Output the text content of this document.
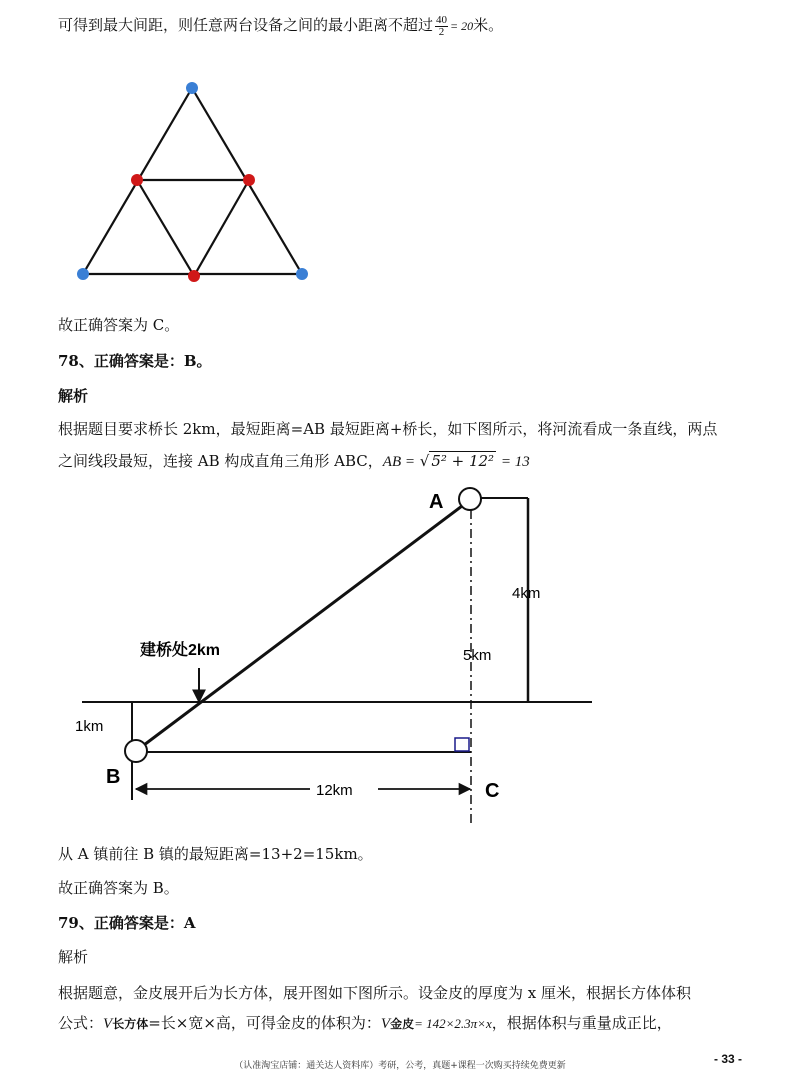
可得到最大间距，则任意两台设备之间的最小距离不超过 $\frac{40}{2} = 20$米。
故正确答案为 C。
78、正确答案是：B。
解析
根据题目要求桥长 2km，最短距离=AB 最短距离+桥长，如下图所示，将河流看成一条直线，两点
之间线段最短，连接 AB 构成直角三角形 ABC，AB = √ 5² + 12² = 13
A
B
C
4km
5km
1km
12km
建桥处2km
从 A 镇前往 B 镇的最短距离=13+2=15km。
故正确答案为 B。
79、正确答案是：A
解析
根据题意，金皮展开后为长方体，展开图如下图所示。设金皮的厚度为 x 厘米，根据长方体体积
公式：V长方体=长×宽×高，可得金皮的体积为：V金皮= 142×2.3π×x，根据体积与重量成正比，
（认准淘宝店铺：通关达人资料库）考研，公考，真题+课程一次购买持续免费更新	- 33 -
